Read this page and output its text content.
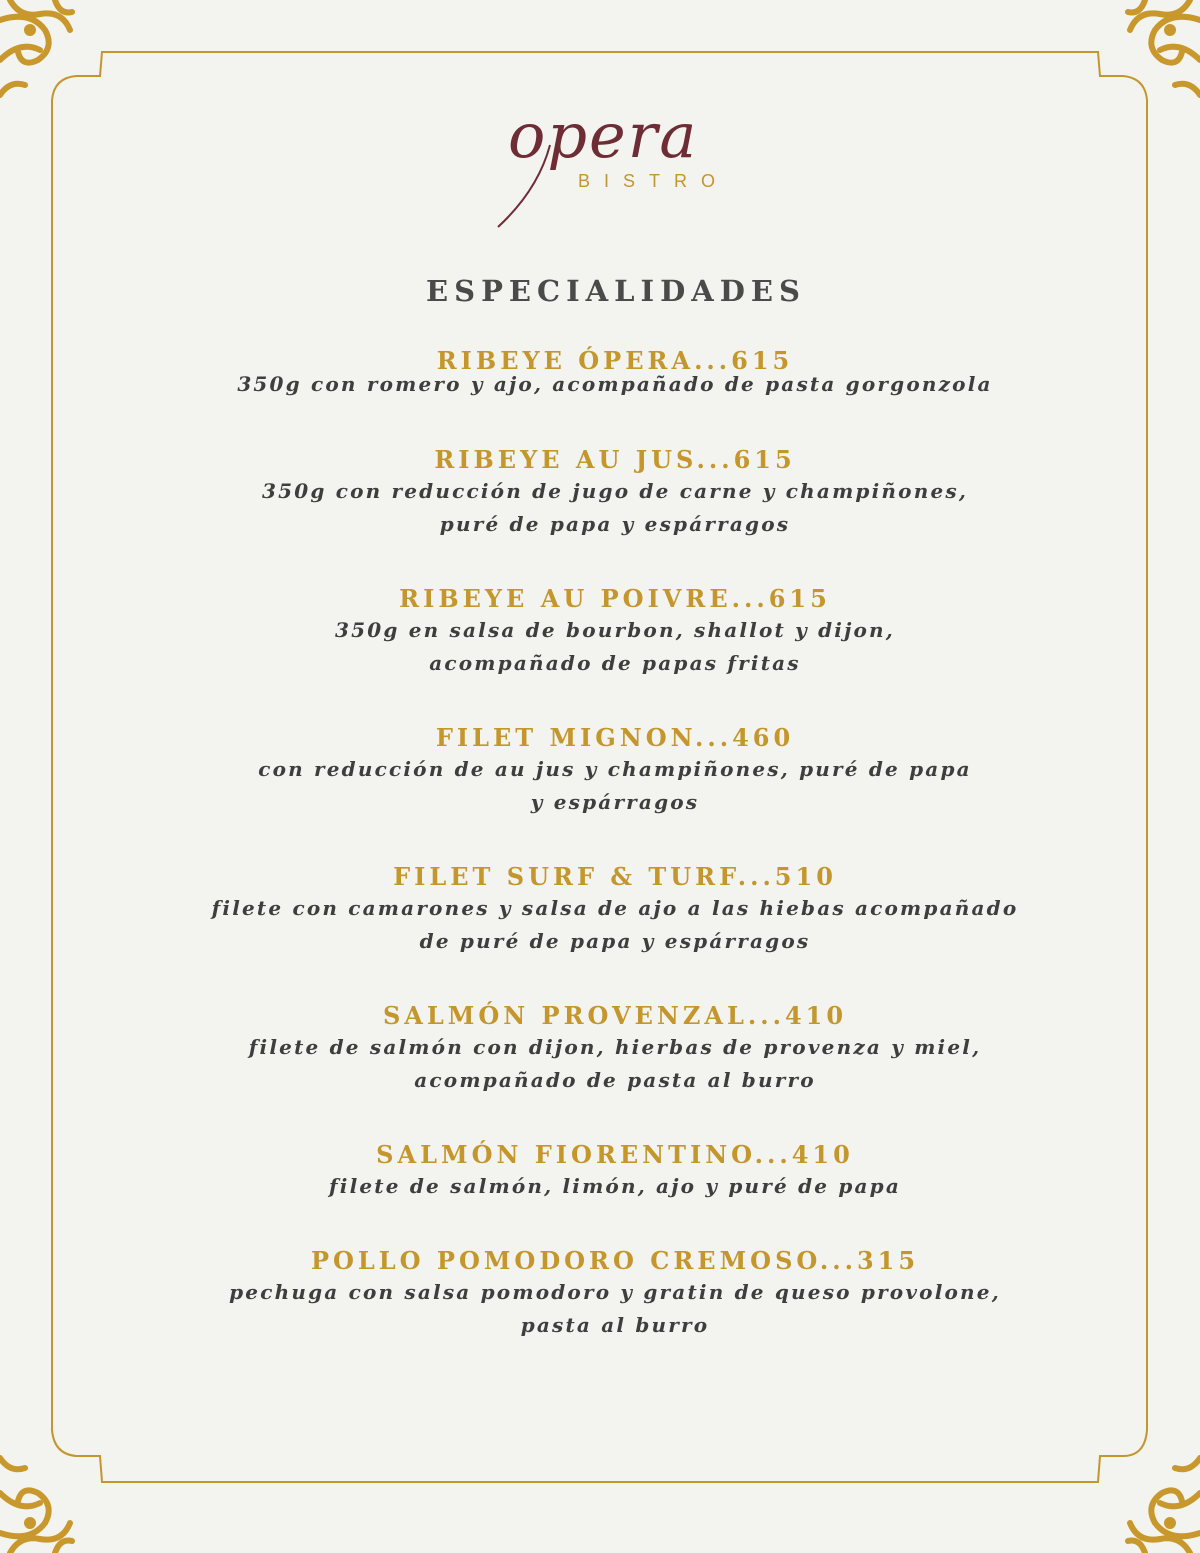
opera
BISTRO
ESPECIALIDADES
RIBEYE ÓPERA...615
350g con romero y ajo, acompañado de pasta gorgonzola
RIBEYE AU JUS...615
350g con reducción de jugo de carne y champiñones,
puré de papa y espárragos
RIBEYE AU POIVRE...615
350g en salsa de bourbon, shallot y dijon,
acompañado de papas fritas
FILET MIGNON...460
con reducción de au jus y champiñones, puré de papa
y espárragos
FILET SURF & TURF...510
filete con camarones y salsa de ajo a las hiebas acompañado
de puré de papa y espárragos
SALMÓN PROVENZAL...410
filete de salmón con dijon, hierbas de provenza y miel,
acompañado de pasta al burro
SALMÓN FIORENTINO...410
filete de salmón, limón, ajo y puré de papa
POLLO POMODORO CREMOSO...315
pechuga con salsa pomodoro y gratin de queso provolone,
pasta al burro
